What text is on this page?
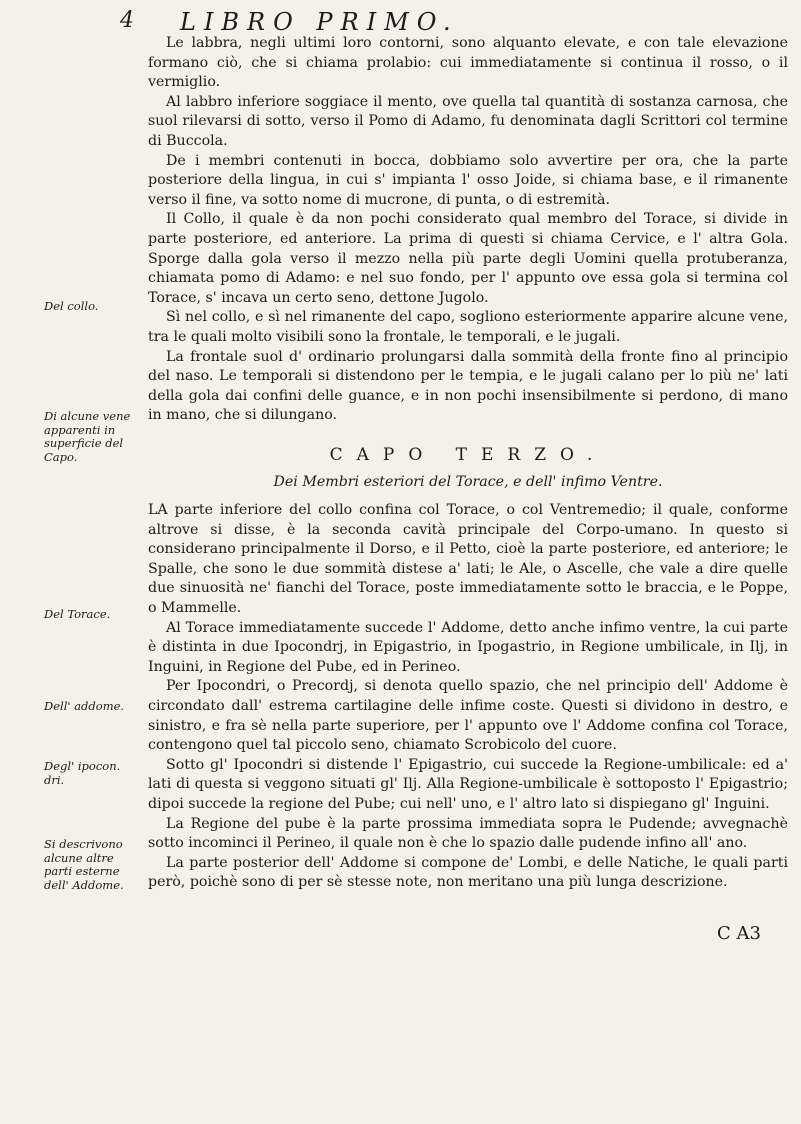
4 LIBRO PRIMO.
Del collo.
Di alcune vene apparenti in superficie del Capo.
Del Torace.
Dell' addome.
Degl' ipocon. dri.
Si descrivono alcune altre parti esterne dell' Addome.

Le labbra, negli ultimi loro contorni, sono alquanto elevate, e con tale elevazione formano ciò, che si chiama prolabio: cui immediatamente si continua il rosso, o il vermiglio.

Al labbro inferiore soggiace il mento, ove quella tal quantità di sostanza carnosa, che suol rilevarsi di sotto, verso il Pomo di Adamo, fu denominata dagli Scrittori col termine di Buccola.

De i membri contenuti in bocca, dobbiamo solo avvertire per ora, che la parte posteriore della lingua, in cui s' impianta l' osso Joide, si chiama base, e il rimanente verso il fine, va sotto nome di mucrone, di punta, o di estremità.

Il Collo, il quale è da non pochi considerato qual membro del Torace, si divide in parte posteriore, ed anteriore. La prima di questi si chiama Cervice, e l' altra Gola. Sporge dalla gola verso il mezzo nella più parte degli Uomini quella protuberanza, chiamata pomo di Adamo: e nel suo fondo, per l' appunto ove essa gola si termina col Torace, s' incava un certo seno, dettone Jugolo.

Sì nel collo, e sì nel rimanente del capo, sogliono esteriormente apparire alcune vene, tra le quali molto visibili sono la frontale, le temporali, e le jugali.

La frontale suol d' ordinario prolungarsi dalla sommità della fronte fino al principio del naso. Le temporali si distendono per le tempia, e le jugali calano per lo più ne' lati della gola dai confini delle guance, e in non pochi insensibilmente si perdono, di mano in mano, che si dilungano.

CAPO TERZO.
Dei Membri esteriori del Torace, e dell' infimo Ventre.

LA parte inferiore del collo confina col Torace, o col Ventremedio; il quale, conforme altrove si disse, è la seconda cavità principale del Corpo-umano. In questo si considerano principalmente il Dorso, e il Petto, cioè la parte posteriore, ed anteriore; le Spalle, che sono le due sommità distese a' lati; le Ale, o Ascelle, che vale a dire quelle due sinuosità ne' fianchi del Torace, poste immediatamente sotto le braccia, e le Poppe, o Mammelle.

Al Torace immediatamente succede l' Addome, detto anche infimo ventre, la cui parte è distinta in due Ipocondrj, in Epigastrio, in Ipogastrio, in Regione umbilicale, in Ilj, in Inguini, in Regione del Pube, ed in Perineo.

Per Ipocondri, o Precordj, si denota quello spazio, che nel principio dell' Addome è circondato dall' estrema cartilagine delle infime coste. Questi si dividono in destro, e sinistro, e fra sè nella parte superiore, per l' appunto ove l' Addome confina col Torace, contengono quel tal piccolo seno, chiamato Scrobicolo del cuore.

Sotto gl' Ipocondri si distende l' Epigastrio, cui succede la Regione-umbilicale: ed a' lati di questa si veggono situati gl' Ilj. Alla Regione-umbilicale è sottoposto l' Epigastrio; dipoi succede la regione del Pube; cui nell' uno, e l' altro lato si dispiegano gl' Inguini.

La Regione del pube è la parte prossima immediata sopra le Pudende; avvegnachè sotto incominci il Perineo, il quale non è che lo spazio dalle pudende infino all' ano.

La parte posterior dell' Addome si compone de' Lombi, e delle Natiche, le quali parti però, poichè sono di per sè stesse note, non meritano una più lunga descrizione.

C A3
